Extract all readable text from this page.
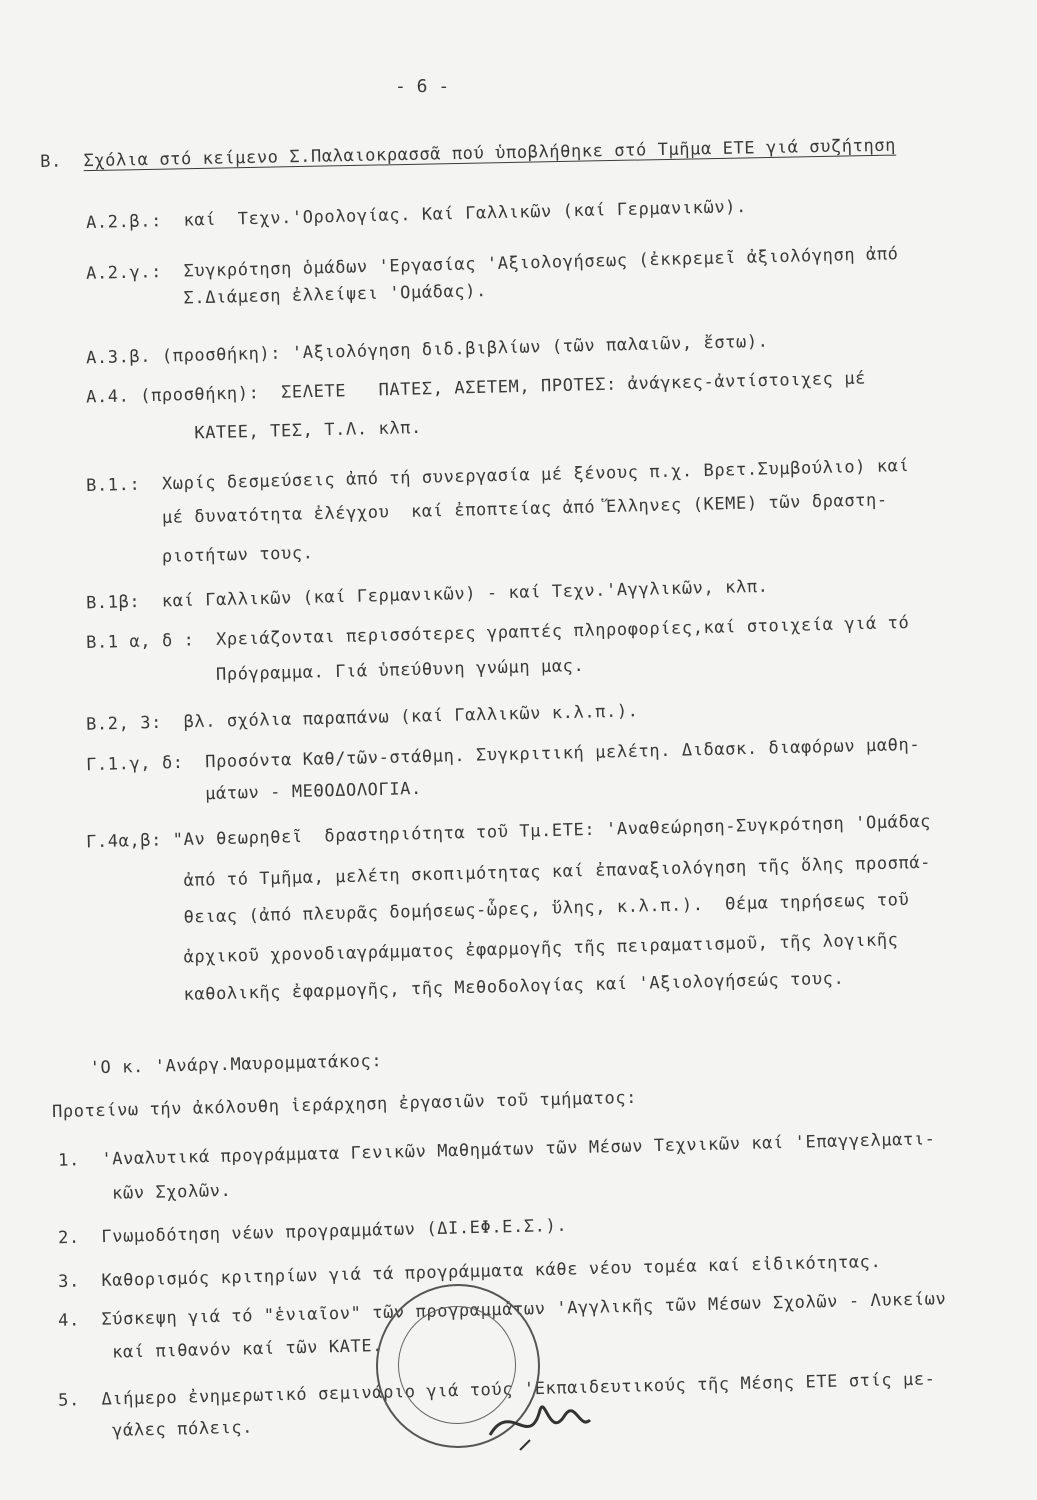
- 6 -
Β. Σχόλια στό κείμενο Σ.Παλαιοκρασσᾶ πού ὑποβλήθηκε στό Τμῆμα ΕΤΕ γιά συζήτηση
Α.2.β.:  καί  Τεχν.'Ορολογίας. Καί Γαλλικῶν (καί Γερμανικῶν).
Α.2.γ.:  Συγκρότηση ὁμάδων 'Εργασίας 'Αξιολογήσεως (ἐκκρεμεῖ ἀξιολόγηση ἀπό
Σ.Διάμεση ἐλλείψει 'Ομάδας).
Α.3.β. (προσθήκη): 'Αξιολόγηση διδ.βιβλίων (τῶν παλαιῶν, ἔστω).
Α.4. (προσθήκη):  ΣΕΛΕΤΕ   ΠΑΤΕΣ, ΑΣΕΤΕΜ, ΠΡΟΤΕΣ: ἀνάγκες-ἀντίστοιχες μέ
ΚΑΤΕΕ, ΤΕΣ, Τ.Λ. κλπ.
Β.1.:  Χωρίς δεσμεύσεις ἀπό τή συνεργασία μέ ξένους π.χ. Βρετ.Συμβούλιο) καί
μέ δυνατότητα ἐλέγχου  καί ἐποπτείας ἀπό Ἕλληνες (ΚΕΜΕ) τῶν δραστη-
ριοτήτων τους.
Β.1β:  καί Γαλλικῶν (καί Γερμανικῶν) - καί Τεχν.'Αγγλικῶν, κλπ.
Β.1 α, δ :  Χρειάζονται περισσότερες γραπτές πληροφορίες,καί στοιχεία γιά τό
Πρόγραμμα. Γιά ὑπεύθυνη γνώμη μας.
Β.2, 3:  βλ. σχόλια παραπάνω (καί Γαλλικῶν κ.λ.π.).
Γ.1.γ, δ:  Προσόντα Καθ/τῶν-στάθμη. Συγκριτική μελέτη. Διδασκ. διαφόρων μαθη-
μάτων - ΜΕΘΟΔΟΛΟΓΙΑ.
Γ.4α,β: "Αν θεωρηθεῖ  δραστηριότητα τοῦ Τμ.ΕΤΕ: 'Αναθεώρηση-Συγκρότηση 'Ομάδας
ἀπό τό Τμῆμα, μελέτη σκοπιμότητας καί ἐπαναξιολόγηση τῆς ὅλης προσπά-
θειας (ἀπό πλευρᾶς δομήσεως-ὧρες, ὕλης, κ.λ.π.).  Θέμα τηρήσεως τοῦ
ἀρχικοῦ χρονοδιαγράμματος ἐφαρμογῆς τῆς πειραματισμοῦ, τῆς λογικῆς
καθολικῆς ἐφαρμογῆς, τῆς Μεθοδολογίας καί 'Αξιολογήσεώς τους.
'Ο κ. 'Ανάργ.Μαυρομματάκος:
Προτείνω τήν ἀκόλουθη ἱεράρχηση ἐργασιῶν τοῦ τμήματος:
1.  'Αναλυτικά προγράμματα Γενικῶν Μαθημάτων τῶν Μέσων Τεχνικῶν καί 'Επαγγελματι-
κῶν Σχολῶν.
2.  Γνωμοδότηση νέων προγραμμάτων (ΔΙ.ΕΦ.Ε.Σ.).
3.  Καθορισμός κριτηρίων γιά τά προγράμματα κάθε νέου τομέα καί εἰδικότητας.
4.  Σύσκεψη γιά τό "ἑνιαῖον" τῶν προγραμμάτων 'Αγγλικῆς τῶν Μέσων Σχολῶν - Λυκείων
καί πιθανόν καί τῶν ΚΑΤΕ.
5.  Διήμερο ἐνημερωτικό σεμινάριο γιά τούς 'Εκπαιδευτικούς τῆς Μέσης ΕΤΕ στίς με-
γάλες πόλεις.
